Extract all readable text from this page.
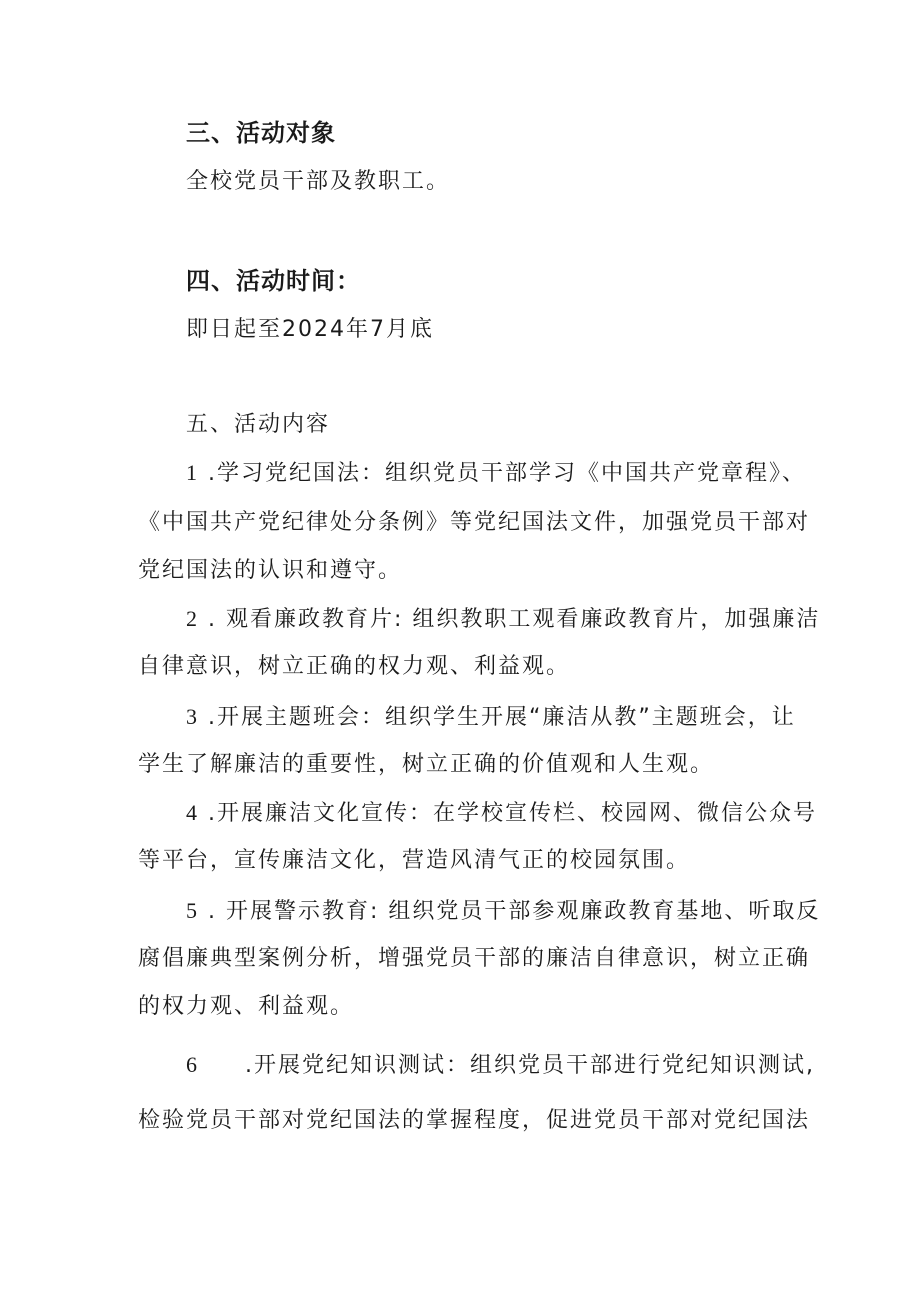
三、活动对象
全校党员干部及教职工。
四、活动时间：
即日起至2024年7月底
五、活动内容
1 .学习党纪国法：组织党员干部学习《中国共产党章程》、
《中国共产党纪律处分条例》等党纪国法文件，加强党员干部对
党纪国法的认识和遵守。
2 . 观看廉政教育片: 组织教职工观看廉政教育片，加强廉洁
自律意识，树立正确的权力观、利益观。
3 .开展主题班会：组织学生开展“廉洁从教”主题班会，让
学生了解廉洁的重要性，树立正确的价值观和人生观。
4 .开展廉洁文化宣传：在学校宣传栏、校园网、微信公众号
等平台，宣传廉洁文化，营造风清气正的校园氛围。
5 . 开展警示教育: 组织党员干部参观廉政教育基地、听取反
腐倡廉典型案例分析，增强党员干部的廉洁自律意识，树立正确
的权力观、利益观。
6 .开展党纪知识测试：组织党员干部进行党纪知识测试,
检验党员干部对党纪国法的掌握程度，促进党员干部对党纪国法
